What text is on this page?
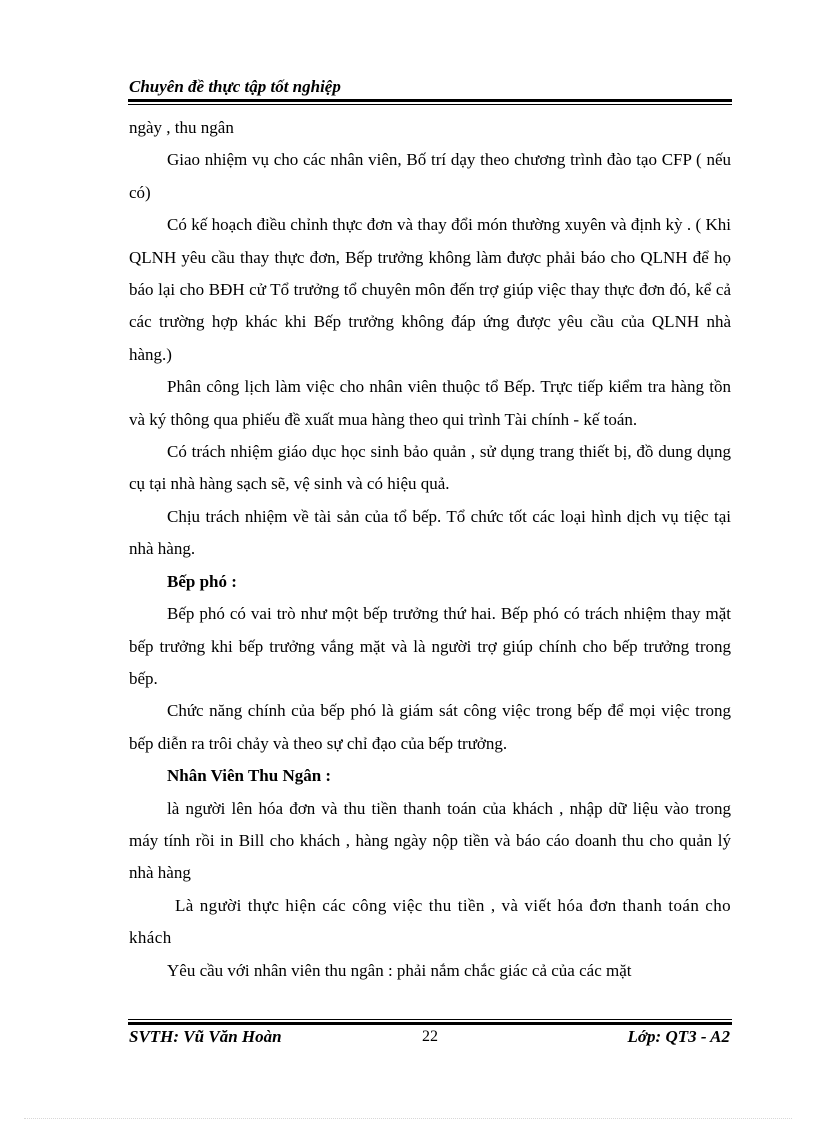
Chuyên đề thực tập tốt nghiệp

ngày , thu ngân

Giao nhiệm vụ cho các nhân viên, Bố trí dạy theo chương trình đào tạo CFP ( nếu có)

Có kế hoạch điều chỉnh thực đơn và thay đổi món thường xuyên và định kỳ . ( Khi QLNH yêu cầu thay thực đơn, Bếp trưởng không làm được phải báo cho QLNH để họ báo lại cho BĐH cử Tổ trưởng tổ chuyên môn đến trợ giúp việc thay thực đơn đó, kể cả các trường hợp khác khi Bếp trưởng không đáp ứng được yêu cầu của QLNH nhà hàng.)

Phân công lịch làm việc cho nhân viên thuộc tổ Bếp. Trực tiếp kiểm tra hàng tồn và ký thông qua phiếu đề xuất mua hàng theo qui trình Tài chính - kế toán.

Có trách nhiệm giáo dục học sinh bảo quản , sử dụng trang thiết bị, đồ dung dụng cụ tại nhà hàng sạch sẽ, vệ sinh và có hiệu quả.

Chịu trách nhiệm về tài sản của tổ bếp. Tổ chức tốt các loại hình dịch vụ tiệc tại nhà hàng.

Bếp phó :

Bếp phó có vai trò như một bếp trưởng thứ hai. Bếp phó có trách nhiệm thay mặt bếp trưởng khi bếp trưởng vắng mặt và là người trợ giúp chính cho bếp trưởng trong bếp.

Chức năng chính của bếp phó là giám sát công việc trong bếp để mọi việc trong bếp diễn ra trôi chảy và theo sự chỉ đạo của bếp trưởng.

Nhân Viên Thu Ngân :

là người lên hóa đơn và thu tiền thanh toán của khách , nhập dữ liệu vào trong máy tính rồi in Bill cho khách , hàng ngày nộp tiền và báo cáo doanh thu cho quản lý nhà hàng

Là người thực hiện các công việc thu tiền , và viết hóa đơn thanh toán cho khách

Yêu cầu với nhân viên thu ngân : phải nắm chắc giác cả của các mặt

SVTH: Vũ Văn Hoàn	22	Lớp: QT3 - A2
